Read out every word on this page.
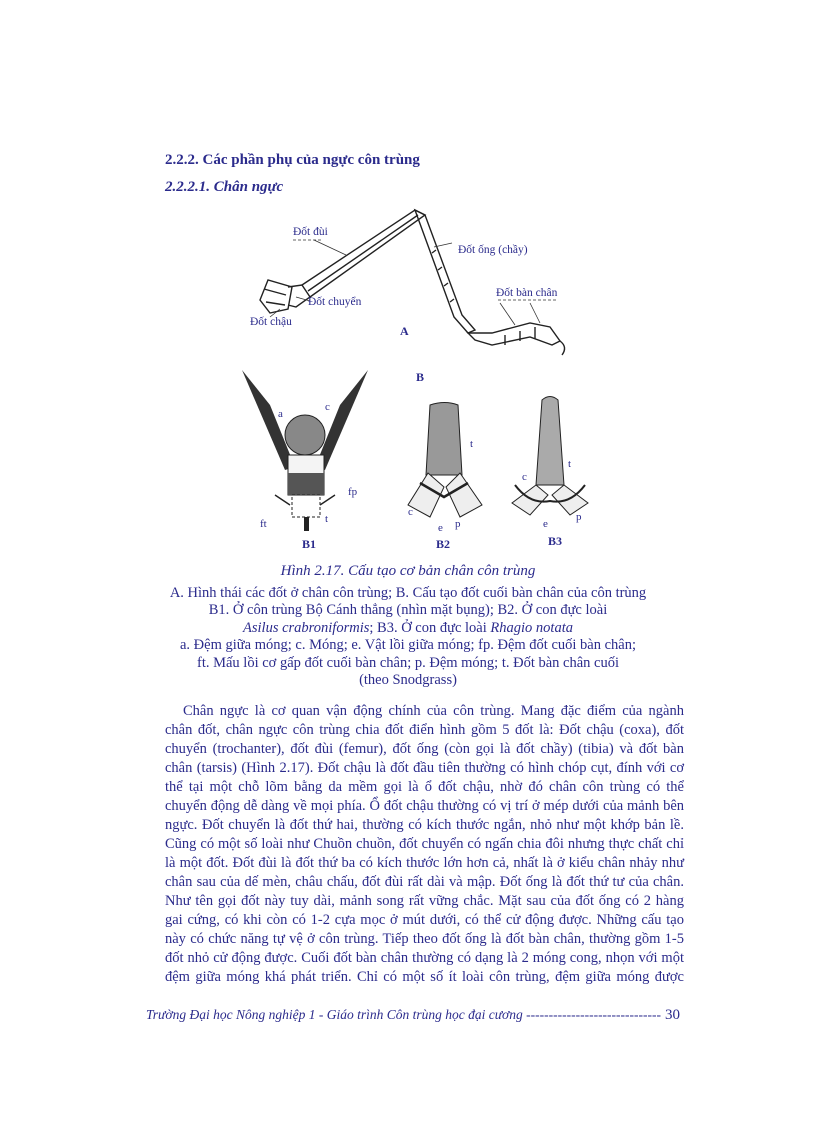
2.2.2. Các phần phụ của ngực côn trùng
2.2.2.1. Chân ngực
Đốt đùi
Đốt ống (chầy)
Đốt chuyển
Đốt bàn chân
Đốt chậu
A
B
a
c
fp
t
ft
B1
t
c
e p
B2
c
t
e
p
B3
Hình 2.17. Cấu tạo cơ bản chân côn trùng
A. Hình thái các đốt ở chân côn trùng; B. Cấu tạo đốt cuối bàn chân của côn trùng
B1. Ở côn trùng Bộ Cánh thẳng (nhìn mặt bụng); B2. Ở con đực loài
Asilus crabroniformis; B3. Ở con đực loài Rhagio notata
a. Đệm giữa móng; c. Móng; e. Vật lồi giữa móng; fp. Đệm đốt cuối bàn chân;
ft. Mấu lồi cơ gấp đốt cuối bàn chân; p. Đệm móng; t. Đốt bàn chân cuối
(theo Snodgrass)
Chân ngực là cơ quan vận động chính của côn trùng. Mang đặc điểm của ngành
chân đốt, chân ngực côn trùng chia đốt điển hình gồm 5 đốt là: Đốt chậu (coxa), đốt
chuyển (trochanter), đốt đùi (femur), đốt ống (còn gọi là đốt chầy) (tibia) và đốt bàn
chân (tarsis) (Hình 2.17). Đốt chậu là đốt đầu tiên thường có hình chóp cụt, đính với cơ
thể tại một chỗ lõm bằng da mềm gọi là ổ đốt chậu, nhờ đó chân côn trùng có thể
chuyển động dễ dàng về mọi phía. Ổ đốt chậu thường có vị trí ở mép dưới của mảnh bên
ngực. Đốt chuyển là đốt thứ hai, thường có kích thước ngắn, nhỏ như một khớp bản lề.
Cũng có một số loài như Chuồn chuồn, đốt chuyển có ngấn chia đôi nhưng thực chất chỉ
là một đốt. Đốt đùi là đốt thứ ba có kích thước lớn hơn cả, nhất là ở kiểu chân nhảy như
chân sau của dế mèn, châu chấu, đốt đùi rất dài và mập. Đốt ống là đốt thứ tư của chân.
Như tên gọi đốt này tuy dài, mảnh song rất vững chắc. Mặt sau của đốt ống có 2 hàng
gai cứng, có khi còn có 1-2 cựa mọc ở mút dưới, có thể cử động được. Những cấu tạo
này có chức năng tự vệ ở côn trùng. Tiếp theo đốt ống là đốt bàn chân, thường gồm 1-5
đốt nhỏ cử động được. Cuối đốt bàn chân thường có dạng là 2 móng cong, nhọn với một
đệm giữa móng khá phát triển. Chỉ có một số ít loài côn trùng, đệm giữa móng được
Trường Đại học Nông nghiệp 1 - Giáo trình Côn trùng học đại cương ------------------------------ 30
